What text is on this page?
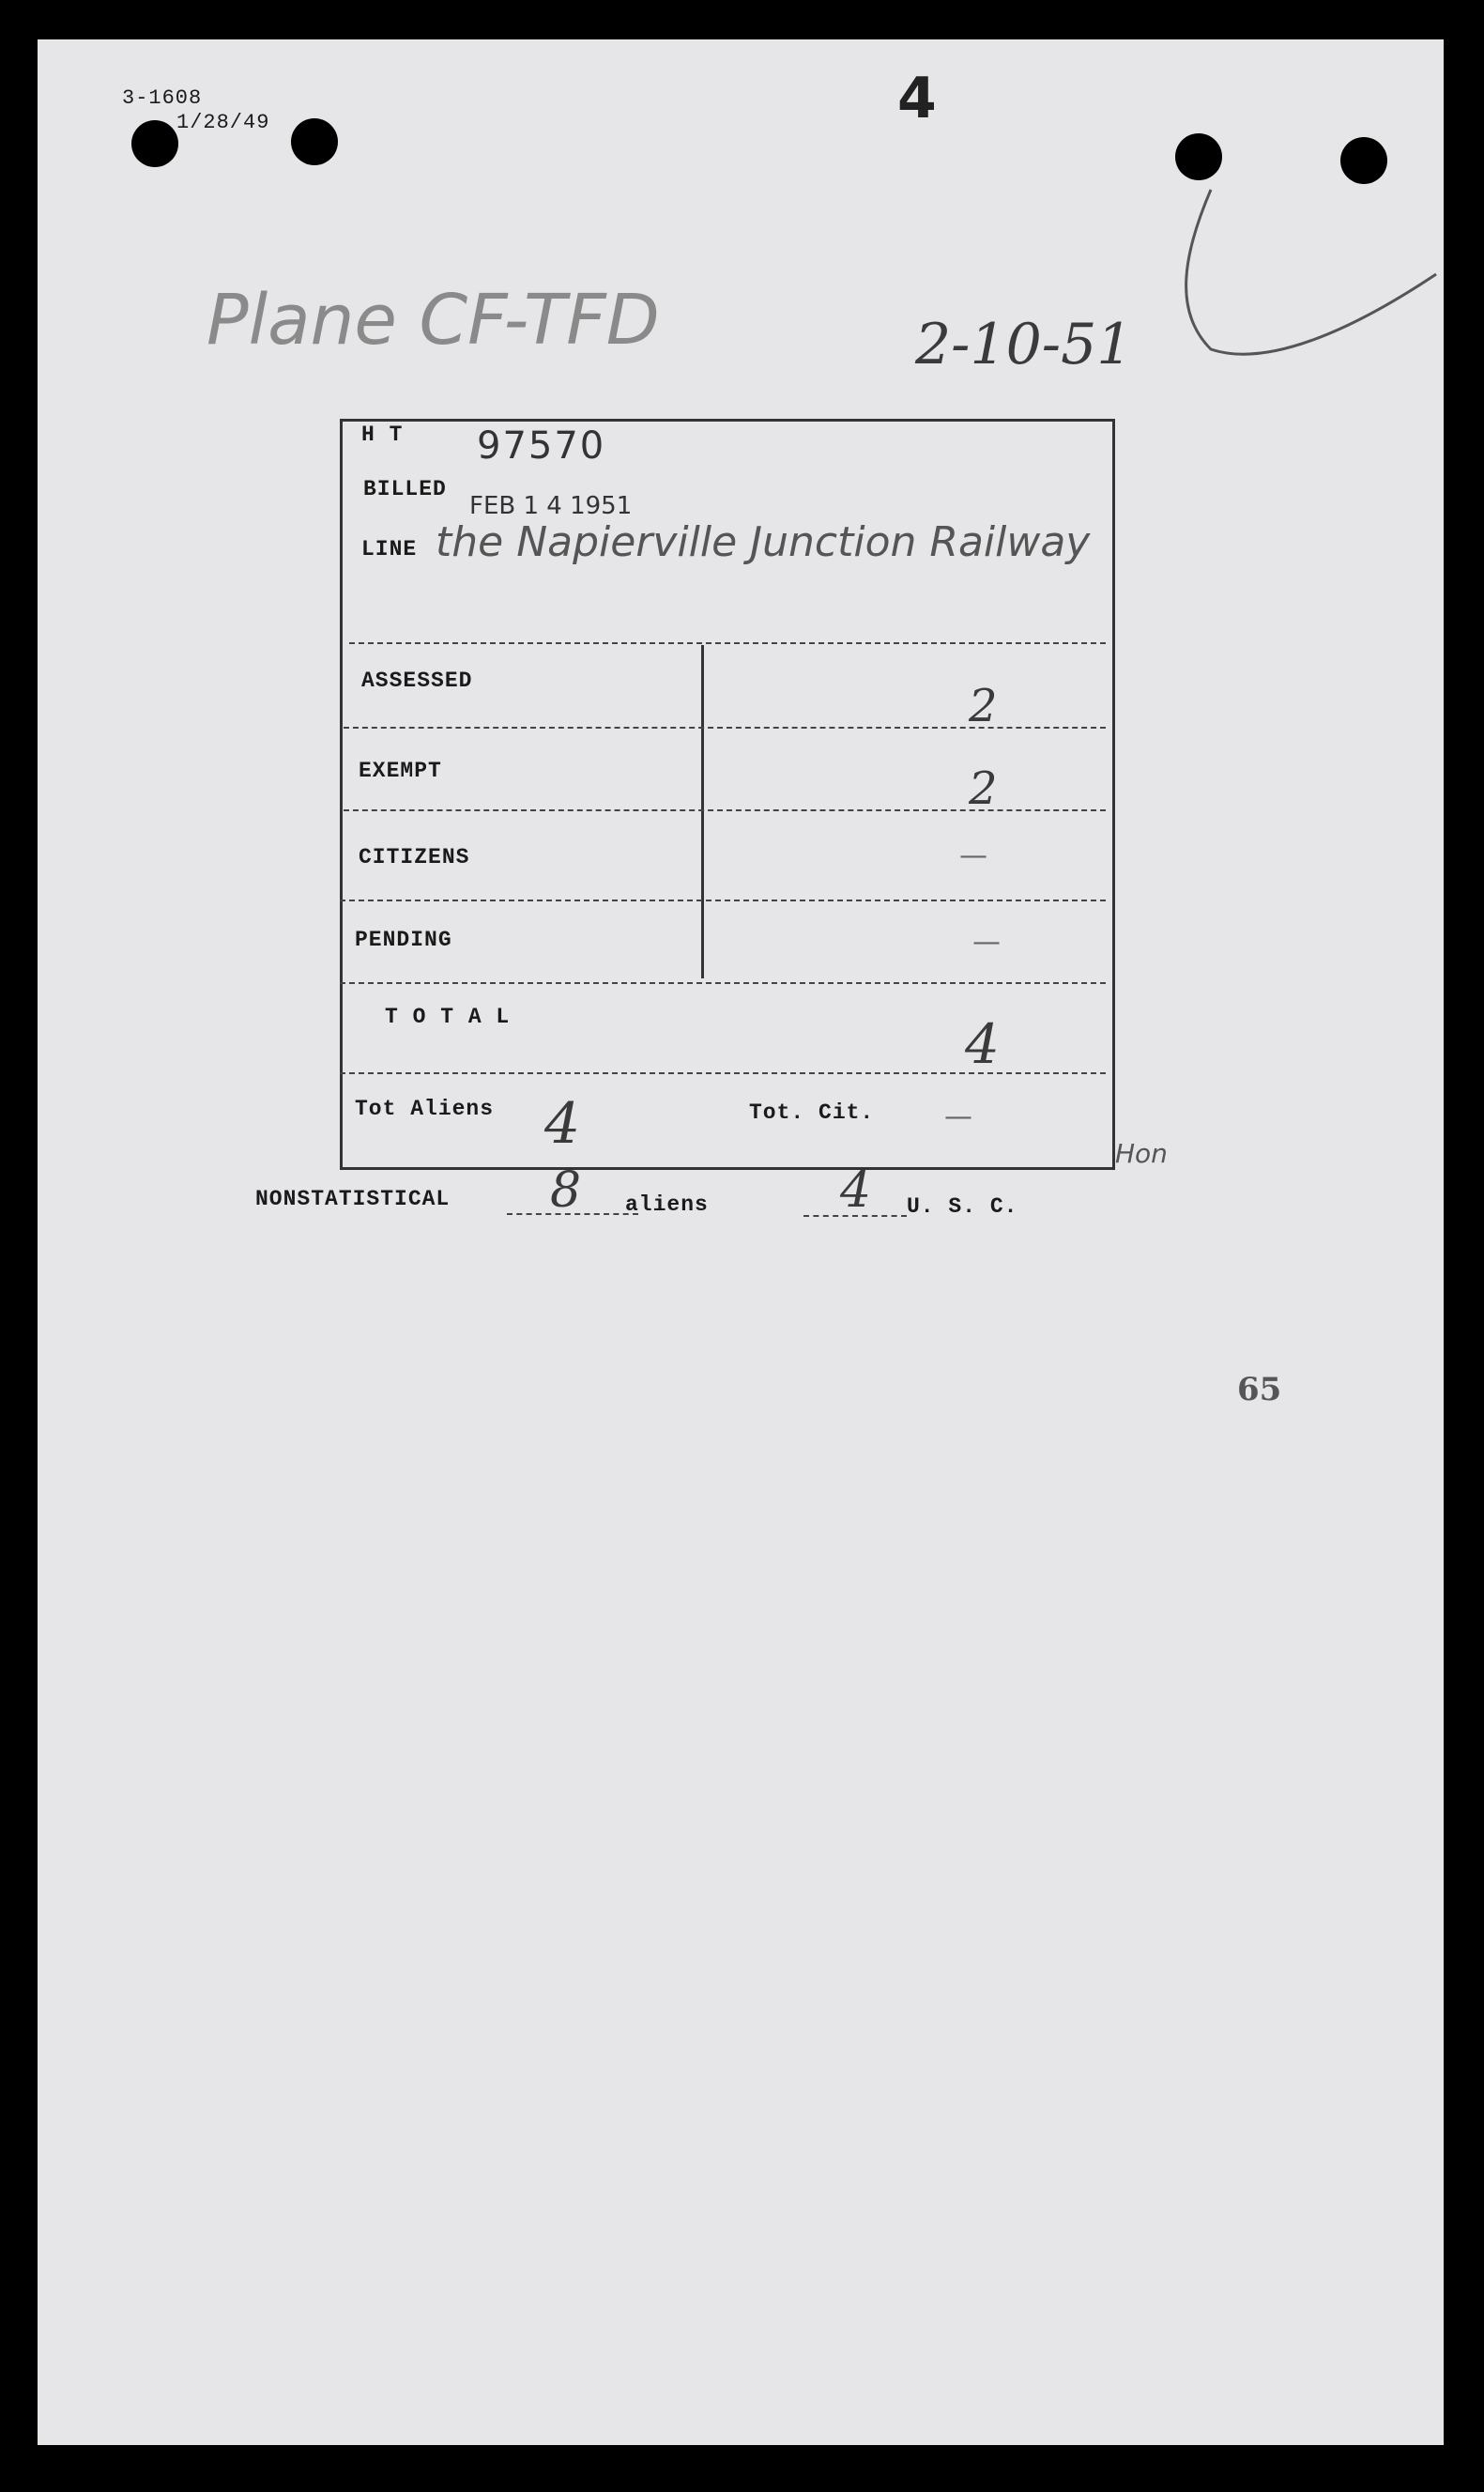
3-1608
1/28/49	4
Plane CF-TFD	2-10-51
H T 97570
BILLED
FEB 1 4 1951
LINE the Napierville Junction Railway
ASSESSED	2
EXEMPT	2
CITIZENS	—
PENDING	—
T O T A L	4
Tot Aliens 4	Tot. Cit. —
Hon
NONSTATISTICAL 8 aliens	4 U. S. C.
65
